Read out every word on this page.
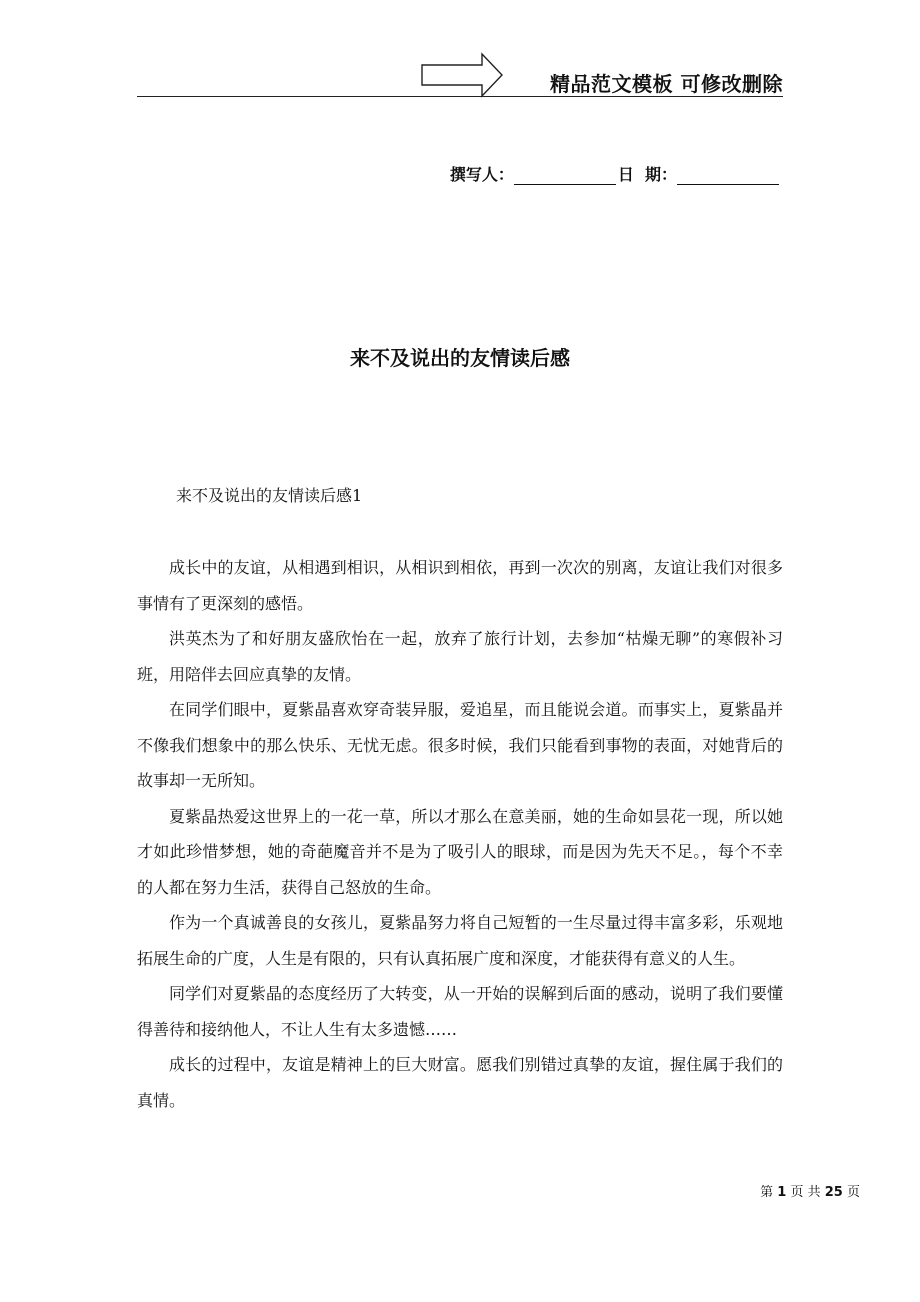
精品范文模板 可修改删除
撰写人：	日  期：
来不及说出的友情读后感
来不及说出的友情读后感1

成长中的友谊，从相遇到相识，从相识到相依，再到一次次的别离，友谊让我们对很多事情有了更深刻的感悟。

洪英杰为了和好朋友盛欣怡在一起，放弃了旅行计划，去参加“枯燥无聊”的寒假补习班，用陪伴去回应真挚的友情。

在同学们眼中，夏紫晶喜欢穿奇装异服，爱追星，而且能说会道。而事实上，夏紫晶并不像我们想象中的那么快乐、无忧无虑。很多时候，我们只能看到事物的表面，对她背后的故事却一无所知。

夏紫晶热爱这世界上的一花一草，所以才那么在意美丽，她的生命如昙花一现，所以她才如此珍惜梦想，她的奇葩魔音并不是为了吸引人的眼球，而是因为先天不足。，每个不幸的人都在努力生活，获得自己怒放的生命。

作为一个真诚善良的女孩儿，夏紫晶努力将自己短暂的一生尽量过得丰富多彩，乐观地拓展生命的广度，人生是有限的，只有认真拓展广度和深度，才能获得有意义的人生。

同学们对夏紫晶的态度经历了大转变，从一开始的误解到后面的感动，说明了我们要懂得善待和接纳他人，不让人生有太多遗憾……

成长的过程中，友谊是精神上的巨大财富。愿我们别错过真挚的友谊，握住属于我们的真情。

第 1 页 共 25 页
